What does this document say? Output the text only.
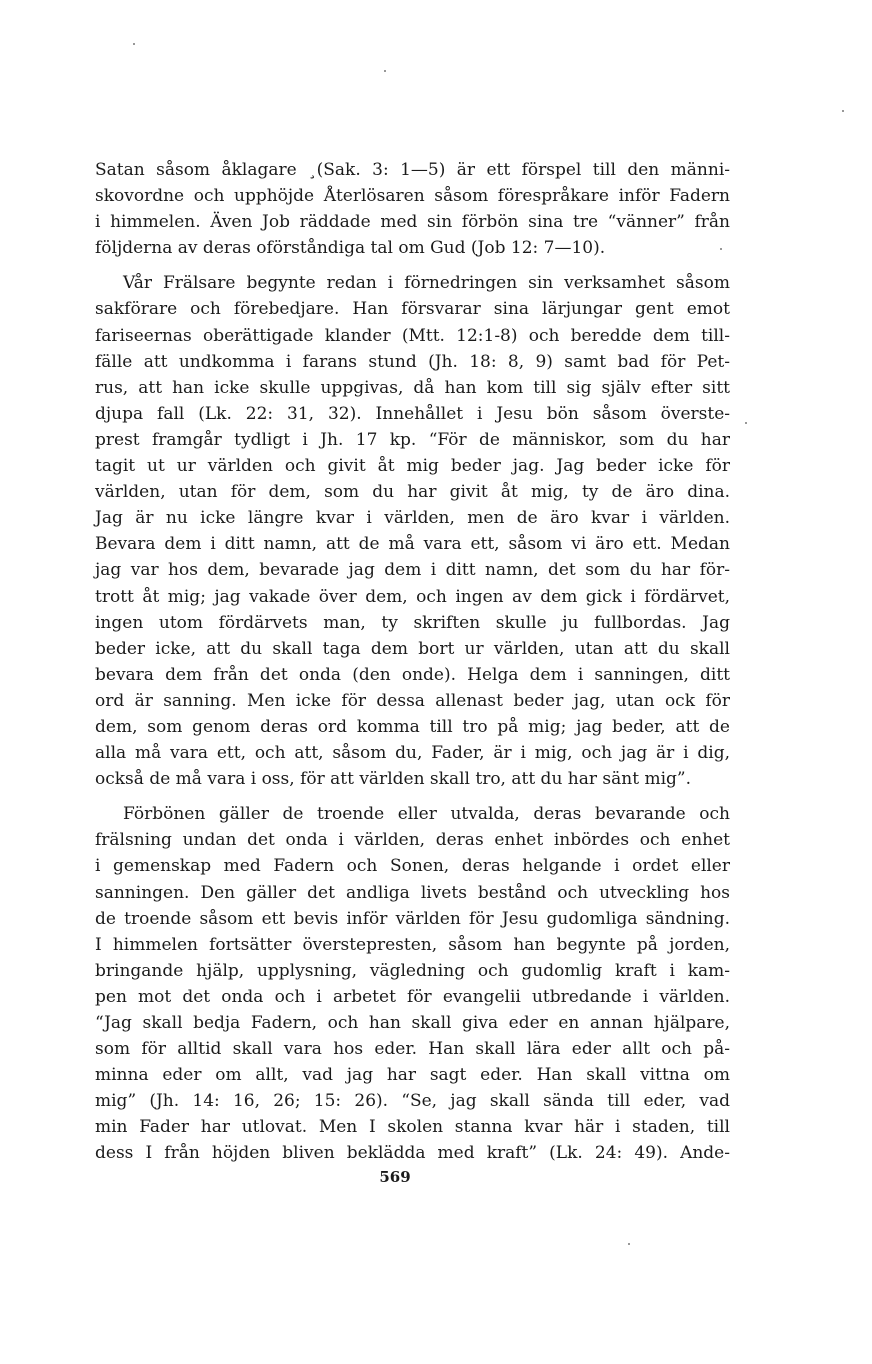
Satan såsom åklagare ¸(Sak. 3: 1—5) är ett förspel till den männi-
skovordne och upphöjde Återlösaren såsom förespråkare inför Fadern
i himmelen. Även Job räddade med sin förbön sina tre “vänner” från
följderna av deras oförståndiga tal om Gud (Job 12: 7—10).
Vår Frälsare begynte redan i förnedringen sin verksamhet såsom
sakförare och förebedjare. Han försvarar sina lärjungar gent emot
fariseernas oberättigade klander (Mtt. 12:1-8) och beredde dem till-
fälle att undkomma i farans stund (Jh. 18: 8, 9) samt bad för Pet-
rus, att han icke skulle uppgivas, då han kom till sig själv efter sitt
djupa fall (Lk. 22: 31, 32). Innehållet i Jesu bön såsom överste-
prest framgår tydligt i Jh. 17 kp. “För de människor, som du har
tagit ut ur världen och givit åt mig beder jag. Jag beder icke för
världen, utan för dem, som du har givit åt mig, ty de äro dina.
Jag är nu icke längre kvar i världen, men de äro kvar i världen.
Bevara dem i ditt namn, att de må vara ett, såsom vi äro ett. Medan
jag var hos dem, bevarade jag dem i ditt namn, det som du har för-
trott åt mig; jag vakade över dem, och ingen av dem gick i fördärvet,
ingen utom fördärvets man, ty skriften skulle ju fullbordas. Jag
beder icke, att du skall taga dem bort ur världen, utan att du skall
bevara dem från det onda (den onde). Helga dem i sanningen, ditt
ord är sanning. Men icke för dessa allenast beder jag, utan ock för
dem, som genom deras ord komma till tro på mig; jag beder, att de
alla må vara ett, och att, såsom du, Fader, är i mig, och jag är i dig,
också de må vara i oss, för att världen skall tro, att du har sänt mig”.
Förbönen gäller de troende eller utvalda, deras bevarande och
frälsning undan det onda i världen, deras enhet inbördes och enhet
i gemenskap med Fadern och Sonen, deras helgande i ordet eller
sanningen. Den gäller det andliga livets bestånd och utveckling hos
de troende såsom ett bevis inför världen för Jesu gudomliga sändning.
I himmelen fortsätter överstepresten, såsom han begynte på jorden,
bringande hjälp, upplysning, vägledning och gudomlig kraft i kam-
pen mot det onda och i arbetet för evangelii utbredande i världen.
“Jag skall bedja Fadern, och han skall giva eder en annan hjälpare,
som för alltid skall vara hos eder. Han skall lära eder allt och på-
minna eder om allt, vad jag har sagt eder. Han skall vittna om
mig” (Jh. 14: 16, 26; 15: 26). “Se, jag skall sända till eder, vad
min Fader har utlovat. Men I skolen stanna kvar här i staden, till
dess I från höjden bliven beklädda med kraft” (Lk. 24: 49). Ande-
569
